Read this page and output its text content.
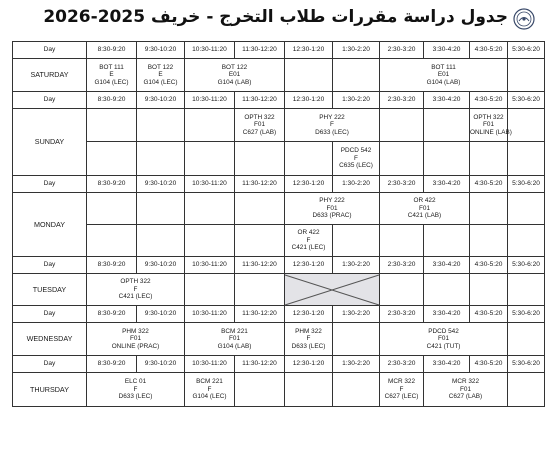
جدول دراسة مقررات طلاب التخرج - خريف 2025-2026
Day	8:30-9:20	9:30-10:20	10:30-11:20	11:30-12:20	12:30-1:20	1:30-2:20	2:30-3:20	3:30-4:20	4:30-5:20	5:30-6:20
SATURDAY	BOT 111
E
G104 (LEC)	BOT 122
E
G104 (LEC)	BOT 122
E01
G104 (LAB)				BOT 111
E01
G104 (LAB)			

Day	8:30-9:20	9:30-10:20	10:30-11:20	11:30-12:20	12:30-1:20	1:30-2:20	2:30-3:20	3:30-4:20	4:30-5:20	5:30-6:20
SUNDAY				OPTH 322
F01
C627 (LAB)	PHY 222
F
D633 (LEC)				OPTH 322
F01
ONLINE (LAB)	

						PDCD 542
F
C635 (LEC)				

Day	8:30-9:20	9:30-10:20	10:30-11:20	11:30-12:20	12:30-1:20	1:30-2:20	2:30-3:20	3:30-4:20	4:30-5:20	5:30-6:20
MONDAY					PHY 222
F01
D633 (PRAC)		OR 422
F01
C421 (LAB)			

					OR 422
F
C421 (LEC)					

Day	8:30-9:20	9:30-10:20	10:30-11:20	11:30-12:20	12:30-1:20	1:30-2:20	2:30-3:20	3:30-4:20	4:30-5:20	5:30-6:20
TUESDAY	OPTH 322
F
C421 (LEC)

Day	8:30-9:20	9:30-10:20	10:30-11:20	11:30-12:20	12:30-1:20	1:30-2:20	2:30-3:20	3:30-4:20	4:30-5:20	5:30-6:20
WEDNESDAY	PHM 322
F01
ONLINE (PRAC)		BCM 221
F01
G104 (LAB)		PHM 322
F
D633 (LEC)		PDCD 542
F01
C421 (TUT)			

Day	8:30-9:20	9:30-10:20	10:30-11:20	11:30-12:20	12:30-1:20	1:30-2:20	2:30-3:20	3:30-4:20	4:30-5:20	5:30-6:20
THURSDAY	ELC 01
F
D633 (LEC)		BCM 221
F
G104 (LEC)				MCR 322
F
C627 (LEC)	MCR 322
F01
C627 (LAB)		
